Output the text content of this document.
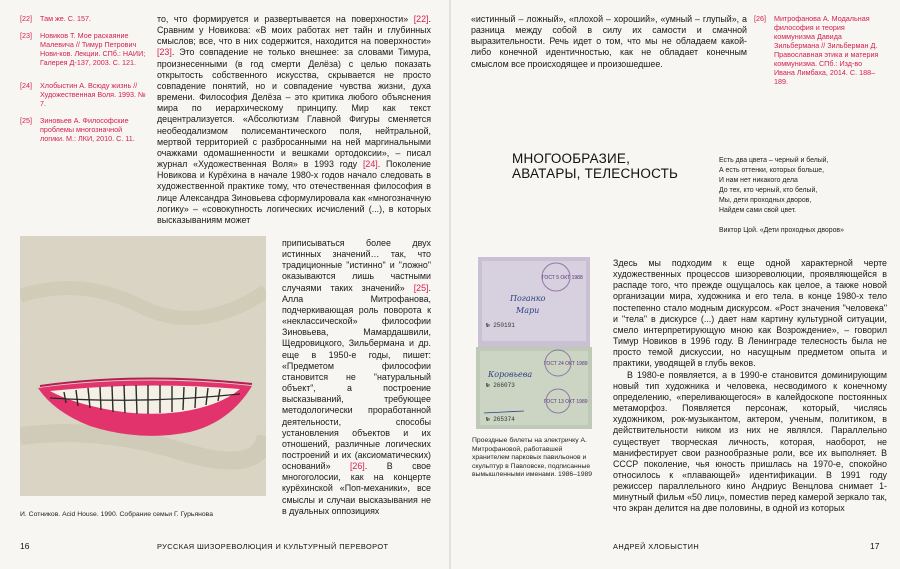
[22]	Там же. С. 157.
[23]	Новиков Т. Мое раскаяние Малевича // Тимур Петрович Нови-ков. Лекции. СПб.: НАИИ; Галерея Д-137, 2003. С. 121.
[24]	Хлобыстин А. Всюду жизнь // Художественная Воля. 1993. № 7.
[25]	Зиновьев А. Философские проблемы многозначной логики. М.: ЛКИ, 2010. С. 11.

то, что формируется и развертывается на поверхности» [22]. Сравним у Новикова: «В моих работах нет тайн и глубинных смыслов; все, что в них содержится, находится на поверхности» [23]. Это совпадение не только внешнее: за словами Тимура, произнесенными (в год смерти Делёза) с целью показать открытость собственного искусства, скрывается не просто совпадение понятий, но и совпадение чувства жизни, духа времени. Философия Делёза – это критика любого объяснения мира по иерархическому принципу. Мир как текст децентрализуется. «Абсолютизм Главной Фигуры сменяется необеодализмом полисемантического поля, нейтральной, мертвой территорией с разбросанными на ней маргинальными очажками одомашненности и вешками ортодоксии», – писал журнал «Художественная Воля» в 1993 году [24]. Поколение Новикова и Курёхина в начале 1980-х годов начало следовать в художественной практике тому, что отечественная философия в лице Александра Зиновьева сформулировала как «многозначную логику» – «совокупность логических исчислений (...), в которых высказываниям может

приписываться более двух истинных значений… так, что традиционные "истинно" и "ложно" оказываются лишь частными случаями таких значений» [25]. Алла Митрофанова, подчеркивающая роль поворота к «неклассической» философии Зиновьева, Мамардашвили, Щедровицкого, Зильбермана и др. еще в 1950-е годы, пишет: «Предметом философии становится не "натуральный объект", а построение высказываний, требующее методологически проработанной деятельности, способы установления объектов и их отношений, различные логических построений и их (аксиоматических) оснований» [26]. В свое многоголосии, как на концерте курёхинской «Поп-механики», все смыслы и случаи высказывания не в дуальных оппозициях

И. Сотников. Acid House. 1990. Собрание семьи Г. Гурьянова
16	РУССКАЯ ШИЗОРЕВОЛЮЦИЯ И КУЛЬТУРНЫЙ ПЕРЕВОРОТ

«истинный – ложный», «плохой – хороший», «умный – глупый», а разница между собой в силу их самости и смачной выразительности. Речь идет о том, что мы не обладаем какой-либо конечной идентичностью, как не обладает конечным смыслом все происходящее и произошедшее.

[26]	Митрофанова А. Модальная философия и теория коммунизма Давида Зильбермана // Зильберман Д. Православная этика и материя коммунизма. СПб.: Изд-во Ивана Лимбаха, 2014. С. 188–189.
МНОГООБРАЗИЕ,
АВАТАРЫ, ТЕЛЕСНОСТЬ
Есть два цвета – черный и белый,
А есть оттенки, которых больше,
И нам нет никакого дела
До тех, кто черный, кто белый,
Мы, дети проходных дворов,
Найдем сами свой цвет.
Виктор Цой. «Дети проходных дворов»
ГОСТ 5 ОКТ 1988
ГОСТ 24 ОКТ 1989
ГОСТ 13 ОКТ 1989
№ 250191
№ 266073
№ 265374
Поганко
Мари
Коровьева
Проездные билеты на электричку А. Митрофановой, работавшей хранителем парковых павильонов и скульптур в Павловске, подписанные вымышленными именами. 1986–1989

Здесь мы подходим к еще одной характерной черте художественных процессов шизореволюции, проявляющейся в распаде того, что прежде ощущалось как целое, а также новой организации мира, художника и его тела. в конце 1980-х тело постепенно стало модным дискурсом. «Рост значения "человека" и "тела" в дискурсе (...) дает нам картину культурной ситуации, смело интерпретирующую мною как Возрождение», – говорил Тимур Новиков в 1996 году. В Ленинграде телесность была не просто темой дискуссии, но насущным предметом опыта и практики, уводящей в глубь веков.

В 1980-е появляется, а в 1990-е становится доминирующим новый тип художника и человека, несводимого к конечному определению, «переливающегося» в калейдоскопе постоянных метаморфоз. Появляется персонаж, который, числясь художником, рок-музыкантом, актером, ученым, политиком, в действительности ником из них не являлся. Параллельно существует творческая личность, которая, наоборот, не манифестирует свои разнообразные роли, все их выполняет. В СССР поколение, чья юность пришлась на 1970-е, спокойно относилось к «плавающей» идентификации. В 1991 году режиссер параллельного кино Андриус Венцлова снимает 1-минутный фильм «50 лиц», поместив перед камерой зеркало так, что экран делится на две половины, в одной из которых

АНДРЕЙ ХЛОБЫСТИН	17
